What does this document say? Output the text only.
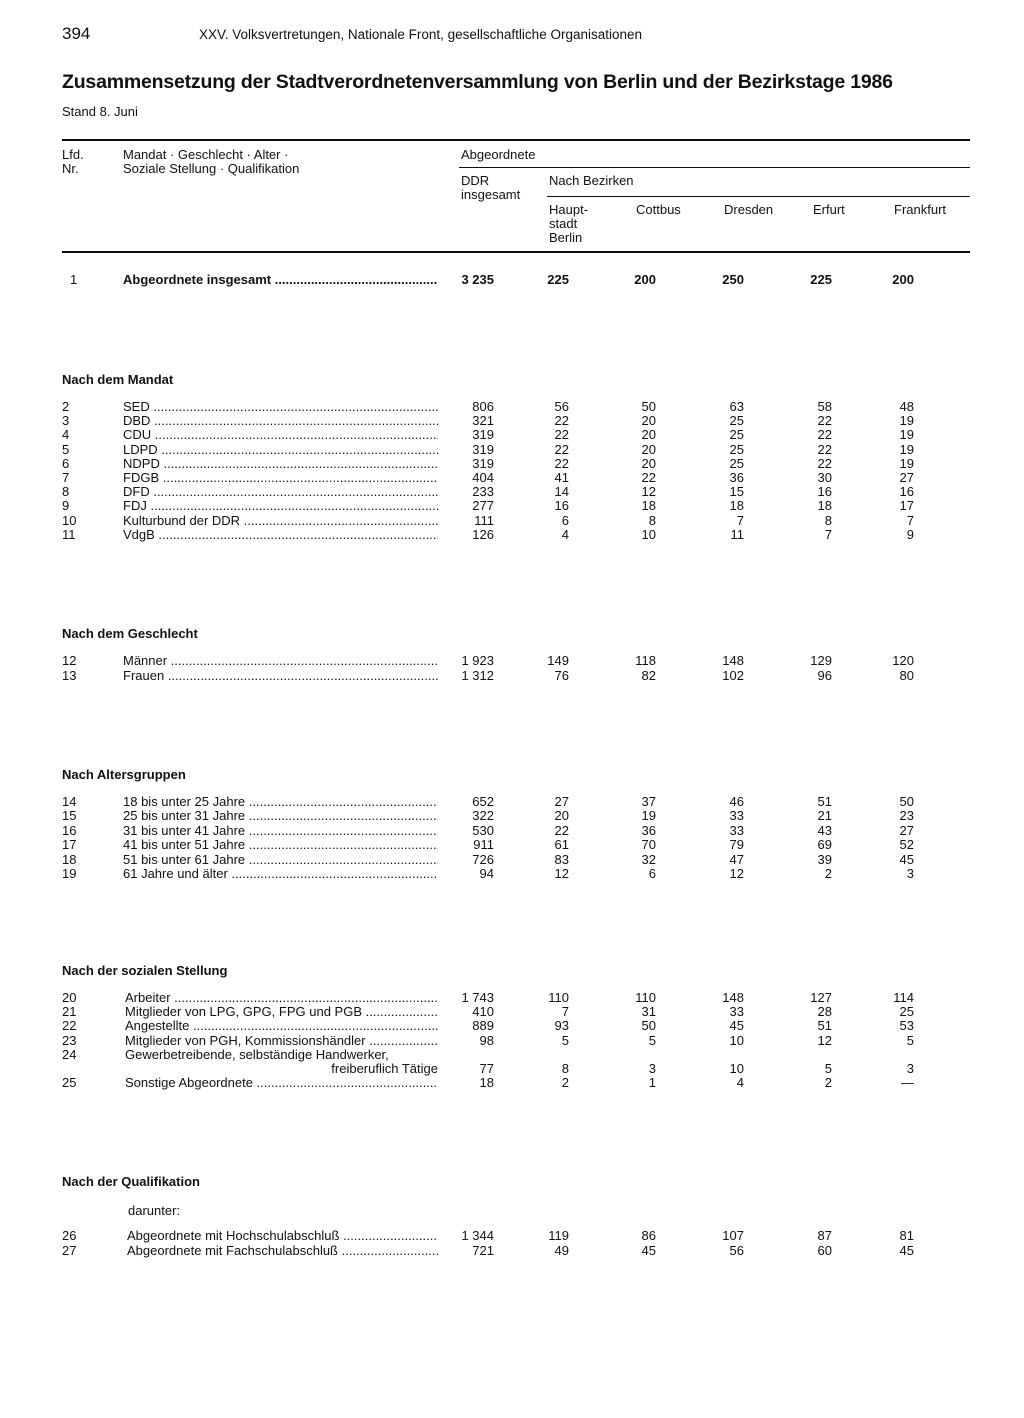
394	XXV. Volksvertretungen, Nationale Front, gesellschaftliche Organisationen
Zusammensetzung der Stadtverordnetenversammlung von Berlin und der Bezirkstage 1986
Stand 8. Juni
Lfd.
Nr.
Mandat · Geschlecht · Alter ·
Soziale Stellung · Qualifikation
Abgeordnete
DDR
insgesamt
Nach Bezirken
Haupt-
stadt
Berlin
Cottbus	Dresden	Erfurt	Frankfurt
1	Abgeordnete insgesamt .....	3 235	225	200	250	225	200
Nach dem Mandat
2	SED .....	806	56	50	63	58	48
3	DBD .....	321	22	20	25	22	19
4	CDU .....	319	22	20	25	22	19
5	LDPD .....	319	22	20	25	22	19
6	NDPD .....	319	22	20	25	22	19
7	FDGB .....	404	41	22	36	30	27
8	DFD .....	233	14	12	15	16	16
9	FDJ .....	277	16	18	18	18	17
10	Kulturbund der DDR .....	111	6	8	7	8	7
11	VdgB .....	126	4	10	11	7	9
Nach dem Geschlecht
12	Männer .....	1 923	149	118	148	129	120
13	Frauen .....	1 312	76	82	102	96	80
Nach Altersgruppen
14	18 bis unter 25 Jahre .....	652	27	37	46	51	50
15	25 bis unter 31 Jahre .....	322	20	19	33	21	23
16	31 bis unter 41 Jahre .....	530	22	36	33	43	27
17	41 bis unter 51 Jahre .....	911	61	70	79	69	52
18	51 bis unter 61 Jahre .....	726	83	32	47	39	45
19	61 Jahre und älter .....	94	12	6	12	2	3
Nach der sozialen Stellung
20	Arbeiter .....	1 743	110	110	148	127	114
21	Mitglieder von LPG, GPG, FPG und PGB .....	410	7	31	33	28	25
22	Angestellte .....	889	93	50	45	51	53
23	Mitglieder von PGH, Kommissionshändler .....	98	5	5	10	12	5
24	Gewerbetreibende, selbständige Handwerker,
freiberuflich Tätige	77	8	3	10	5	3
25	Sonstige Abgeordnete .....	18	2	1	4	2	—
Nach der Qualifikation
darunter:
26	Abgeordnete mit Hochschulabschluß .....	1 344	119	86	107	87	81
27	Abgeordnete mit Fachschulabschluß .....	721	49	45	56	60	45
